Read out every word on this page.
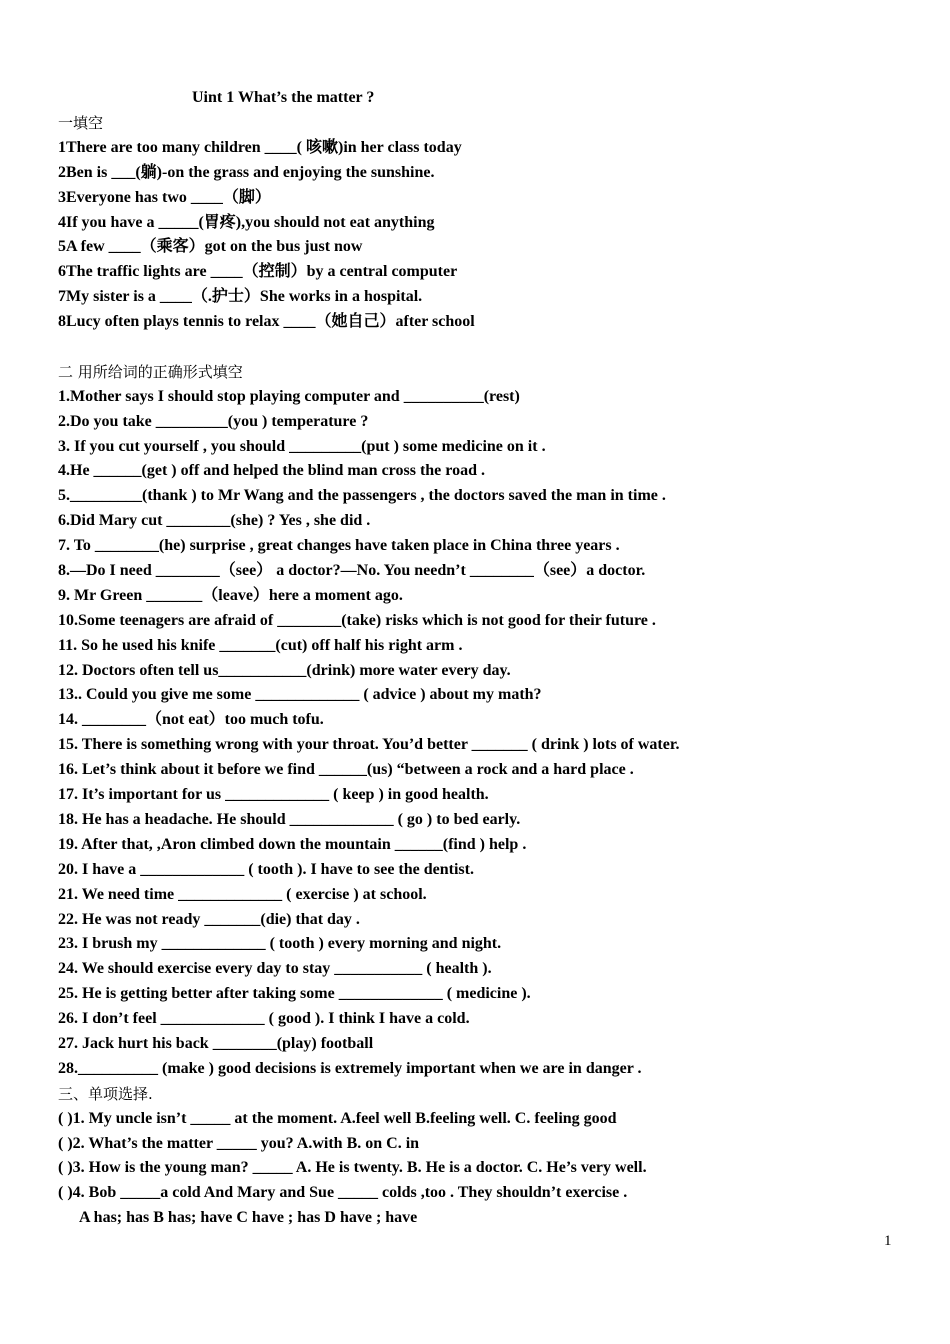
Uint 1 What’s the matter ?
一填空
1There are too many children ____( 咳嗽)in her class today
2Ben is ___(躺)-on the grass and enjoying the sunshine.
3Everyone has two ____（脚）
4If you have a _____(胃疼),you should not eat anything
5A few ____（乘客）got on the bus just now
6The traffic lights are ____（控制）by a central computer
7My sister is a ____（.护士）She works in a hospital.
8Lucy often plays tennis to relax ____（她自己）after school
二 用所给词的正确形式填空
1.Mother says I should stop playing computer and __________(rest)
2.Do you take _________(you ) temperature ?
3. If you cut yourself , you should _________(put ) some medicine on it .
4.He ______(get ) off and helped the blind man cross the road .
5._________(thank ) to Mr Wang and the passengers , the doctors saved the man in time .
6.Did Mary cut ________(she) ? Yes , she did .
7. To ________(he) surprise , great changes have taken place in China three years .
8.—Do I need ________（see） a doctor?—No. You needn’t ________（see）a doctor.
9. Mr Green _______（leave）here a moment ago.
10.Some teenagers are afraid of ________(take) risks which is not good for their future .
11. So he used his knife _______(cut) off half his right arm .
12. Doctors often tell us___________(drink) more water every day.
13.. Could you give me some _____________ ( advice ) about my math?
14. ________（not eat）too much tofu.
15. There is something wrong with your throat. You’d better _______ ( drink ) lots of water.
16. Let’s think about it before we find ______(us) “between a rock and a hard place .
17. It’s important for us _____________ ( keep ) in good health.
18. He has a headache. He should _____________ ( go ) to bed early.
19. After that, ,Aron climbed down the mountain ______(find ) help .
20. I have a _____________ ( tooth ). I have to see the dentist.
21. We need time _____________ ( exercise ) at school.
22. He was not ready _______(die) that day .
23. I brush my _____________ ( tooth ) every morning and night.
24. We should exercise every day to stay ___________ ( health ).
25. He is getting better after taking some _____________ ( medicine ).
26. I don’t feel _____________ ( good ). I think I have a cold.
27. Jack hurt his back ________(play) football
28.__________ (make ) good decisions is extremely important when we are in danger .
三、单项选择.
( )1. My uncle isn’t _____ at the moment. A.feel well B.feeling well. C. feeling good
( )2. What’s the matter _____ you? A.with B. on C. in
( )3. How is the young man? _____ A. He is twenty. B. He is a doctor. C. He’s very well.
( )4. Bob _____a cold And Mary and Sue _____ colds ,too . They shouldn’t exercise .
A has; has B has; have C have ; has D have ; have
1
